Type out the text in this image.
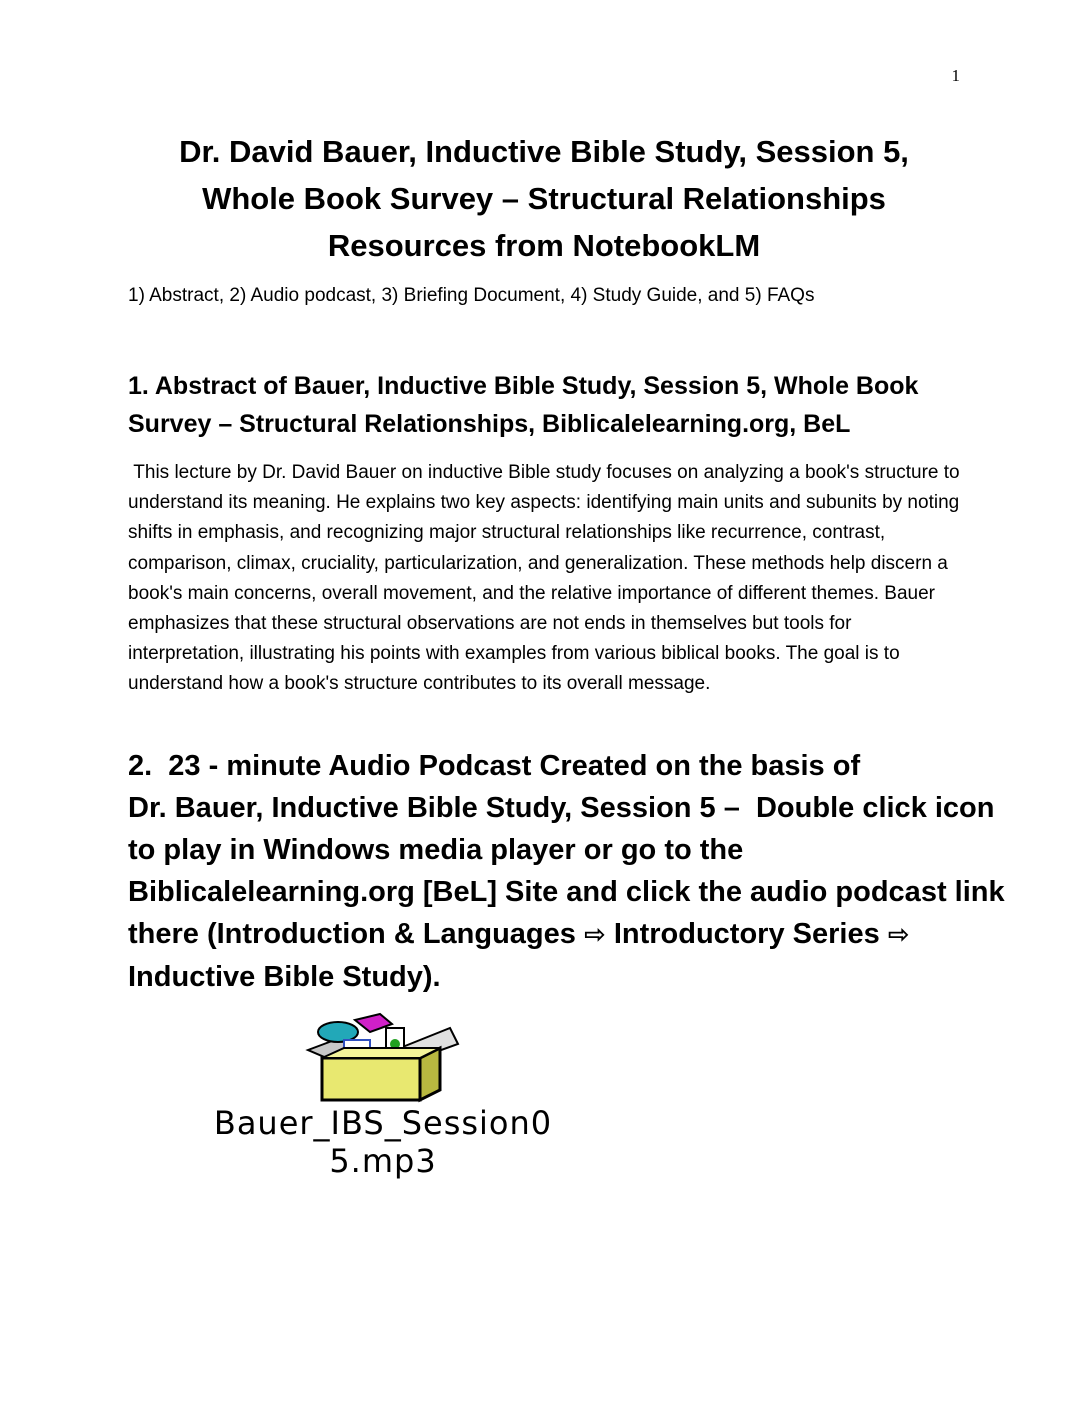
1
Dr. David Bauer, Inductive Bible Study, Session 5,
Whole Book Survey – Structural Relationships
Resources from NotebookLM

1) Abstract, 2) Audio podcast, 3) Briefing Document, 4) Study Guide, and 5) FAQs

1. Abstract of Bauer, Inductive Bible Study, Session 5, Whole Book Survey – Structural Relationships, Biblicalelearning.org, BeL

This lecture by Dr. David Bauer on inductive Bible study focuses on analyzing a book's structure to understand its meaning. He explains two key aspects: identifying main units and subunits by noting shifts in emphasis, and recognizing major structural relationships like recurrence, contrast, comparison, climax, cruciality, particularization, and generalization. These methods help discern a book's main concerns, overall movement, and the relative importance of different themes. Bauer emphasizes that these structural observations are not ends in themselves but tools for interpretation, illustrating his points with examples from various biblical books. The goal is to understand how a book's structure contributes to its overall message.

2.  23 - minute Audio Podcast Created on the basis of
Dr. Bauer, Inductive Bible Study, Session 5 –  Double click icon
to play in Windows media player or go to the
Biblicalelearning.org [BeL] Site and click the audio podcast link
there (Introduction & Languages ⇨ Introductory Series ⇨
Inductive Bible Study).
Bauer_IBS_Session0
5.mp3
